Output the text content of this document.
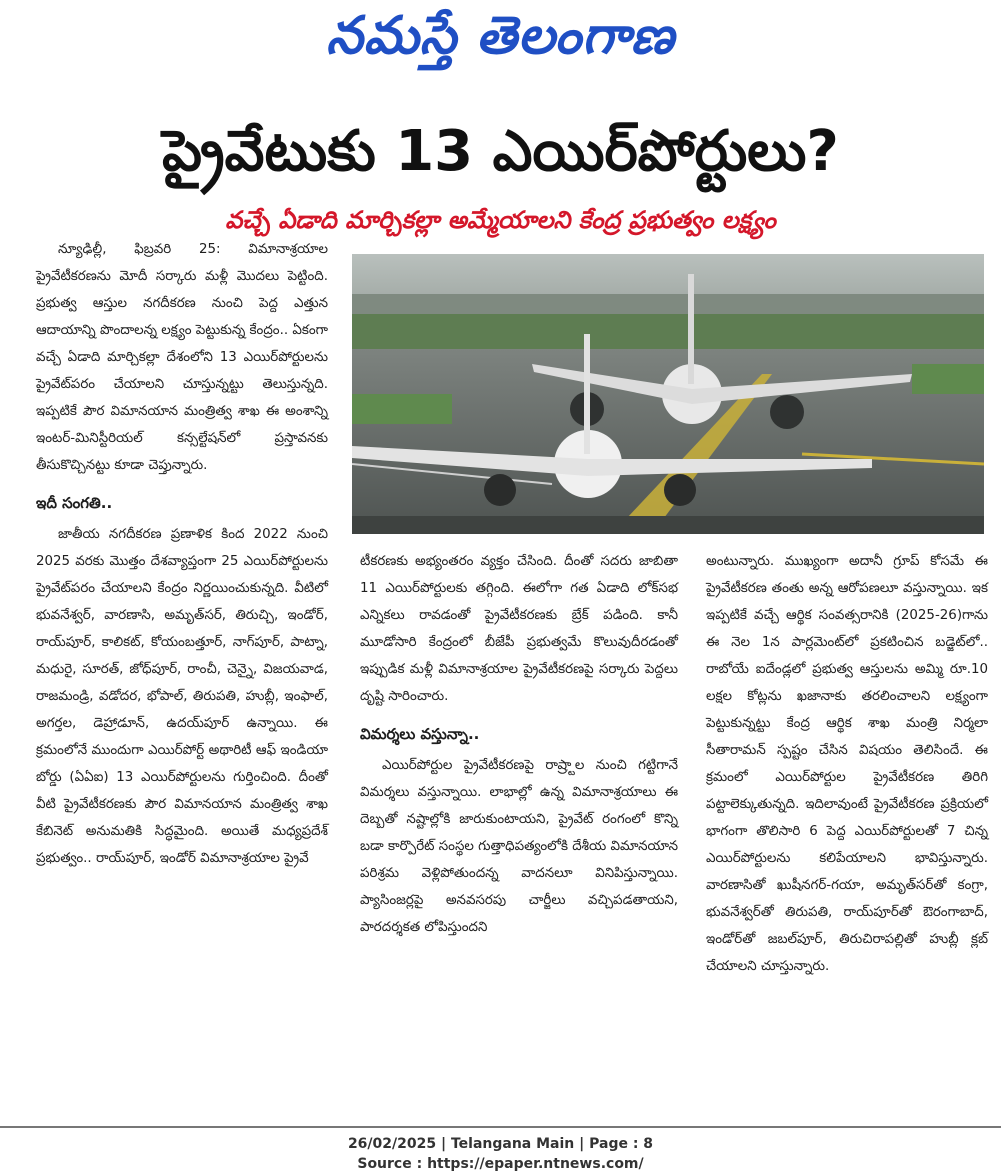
నమస్తే తెలంగాణ
ప్రైవేటుకు 13 ఎయిర్‌పోర్టులు?
వచ్చే ఏడాది మార్చికల్లా అమ్మేయాలని కేంద్ర ప్రభుత్వం లక్ష్యం

న్యూఢిల్లీ, ఫిబ్రవరి 25: విమానాశ్రయాల ప్రైవేటీకరణను మోదీ సర్కారు మళ్లీ మొదలు పెట్టింది. ప్రభుత్వ ఆస్తుల నగదీకరణ నుంచి పెద్ద ఎత్తున ఆదాయాన్ని పొందాలన్న లక్ష్యం పెట్టుకున్న కేంద్రం.. ఏకంగా వచ్చే ఏడాది మార్చికల్లా దేశంలోని 13 ఎయిర్‌పోర్టులను ప్రైవేట్‌పరం చేయాలని చూస్తున్నట్టు తెలుస్తున్నది. ఇప్పటికే పౌర విమానయాన మంత్రిత్వ శాఖ ఈ అంశాన్ని ఇంటర్-మినిస్టీరియల్ కన్సల్టేషన్‌లో ప్రస్తావనకు తీసుకొచ్చినట్టు కూడా చెప్తున్నారు.

ఇదీ సంగతి..

జాతీయ నగదీకరణ ప్రణాళిక కింద 2022 నుంచి 2025 వరకు మొత్తం దేశవ్యాప్తంగా 25 ఎయిర్‌పోర్టులను ప్రైవేట్‌పరం చేయాలని కేంద్రం నిర్ణయించుకున్నది. వీటిలో భువనేశ్వర్, వారణాసి, అమృత్‌సర్, తిరుచ్చి, ఇండోర్, రాయ్‌పూర్, కాలికట్, కోయంబత్తూర్, నాగ్‌పూర్, పాట్నా, మధురై, సూరత్, జోధ్‌పూర్, రాంచీ, చెన్నై, విజయవాడ, రాజమండ్రి, వడోదర, భోపాల్, తిరుపతి, హుబ్లీ, ఇంఫాల్, అగర్తల, డెహ్రాడూన్, ఉదయ్‌పూర్ ఉన్నాయి. ఈ క్రమంలోనే ముందుగా ఎయిర్‌పోర్ట్ అథారిటీ ఆఫ్ ఇండియా బోర్డు (ఏఏఐ) 13 ఎయిర్‌పోర్టులను గుర్తించింది. దీంతో వీటి ప్రైవేటీకరణకు పౌర విమానయాన మంత్రిత్వ శాఖ కేబినెట్ అనుమతికి సిద్ధమైంది. అయితే మధ్యప్రదేశ్ ప్రభుత్వం.. రాయ్‌పూర్, ఇండోర్ విమానాశ్రయాల ప్రైవే

టీకరణకు అభ్యంతరం వ్యక్తం చేసింది. దీంతో సదరు జాబితా 11 ఎయిర్‌పోర్టులకు తగ్గింది. ఈలోగా గత ఏడాది లోక్‌సభ ఎన్నికలు రావడంతో ప్రైవేటీకరణకు బ్రేక్ పడింది. కానీ మూడోసారి కేంద్రంలో బీజేపీ ప్రభుత్వమే కొలువుదీరడంతో ఇప్పుడిక మళ్లీ విమానాశ్రయాల ప్రైవేటీకరణపై సర్కారు పెద్దలు దృష్టి సారించారు.

విమర్శలు వస్తున్నా..

ఎయిర్‌పోర్టుల ప్రైవేటీకరణపై రాష్ర్టాల నుంచి గట్టిగానే విమర్శలు వస్తున్నాయి. లాభాల్లో ఉన్న విమానాశ్రయాలు ఈ దెబ్బతో నష్టాల్లోకి జారుకుంటాయని, ప్రైవేట్ రంగంలో కొన్ని బడా కార్పొరేట్ సంస్థల గుత్తాధిపత్యంలోకి దేశీయ విమానయాన పరిశ్రమ వెళ్లిపోతుందన్న వాదనలూ వినిపిస్తున్నాయి. ప్యాసింజర్లపై అనవసరపు చార్జీలు వచ్చిపడతాయని, పారదర్శకత లోపిస్తుందని

అంటున్నారు. ముఖ్యంగా అదానీ గ్రూప్ కోసమే ఈ ప్రైవేటీకరణ తంతు అన్న ఆరోపణలూ వస్తున్నాయి. ఇక ఇప్పటికే వచ్చే ఆర్థిక సంవత్సరానికి (2025-26)గాను ఈ నెల 1న పార్లమెంట్‌లో ప్రకటించిన బడ్జెట్‌లో.. రాబోయే ఐదేండ్లలో ప్రభుత్వ ఆస్తులను అమ్మి రూ.10 లక్షల కోట్లను ఖజానాకు తరలించాలని లక్ష్యంగా పెట్టుకున్నట్టు కేంద్ర ఆర్థిక శాఖ మంత్రి నిర్మలా సీతారామన్ స్పష్టం చేసిన విషయం తెలిసిందే. ఈ క్రమంలో ఎయిర్‌పోర్టుల ప్రైవేటీకరణ తిరిగి పట్టాలెక్కుతున్నది. ఇదిలావుంటే ప్రైవేటీకరణ ప్రక్రియలో భాగంగా తొలిసారి 6 పెద్ద ఎయిర్‌పోర్టులతో 7 చిన్న ఎయిర్‌పోర్టులను కలిపేయాలని భావిస్తున్నారు. వారణాసితో ఖుషీనగర్-గయా, అమృత్‌సర్‌తో కంగ్రా, భువనేశ్వర్‌తో తిరుపతి, రాయ్‌పూర్‌తో ఔరంగాబాద్, ఇండోర్‌తో జబల్‌పూర్, తిరుచిరాపల్లితో హుబ్లీ క్లబ్ చేయాలని చూస్తున్నారు.

26/02/2025 | Telangana Main | Page : 8
Source : https://epaper.ntnews.com/
